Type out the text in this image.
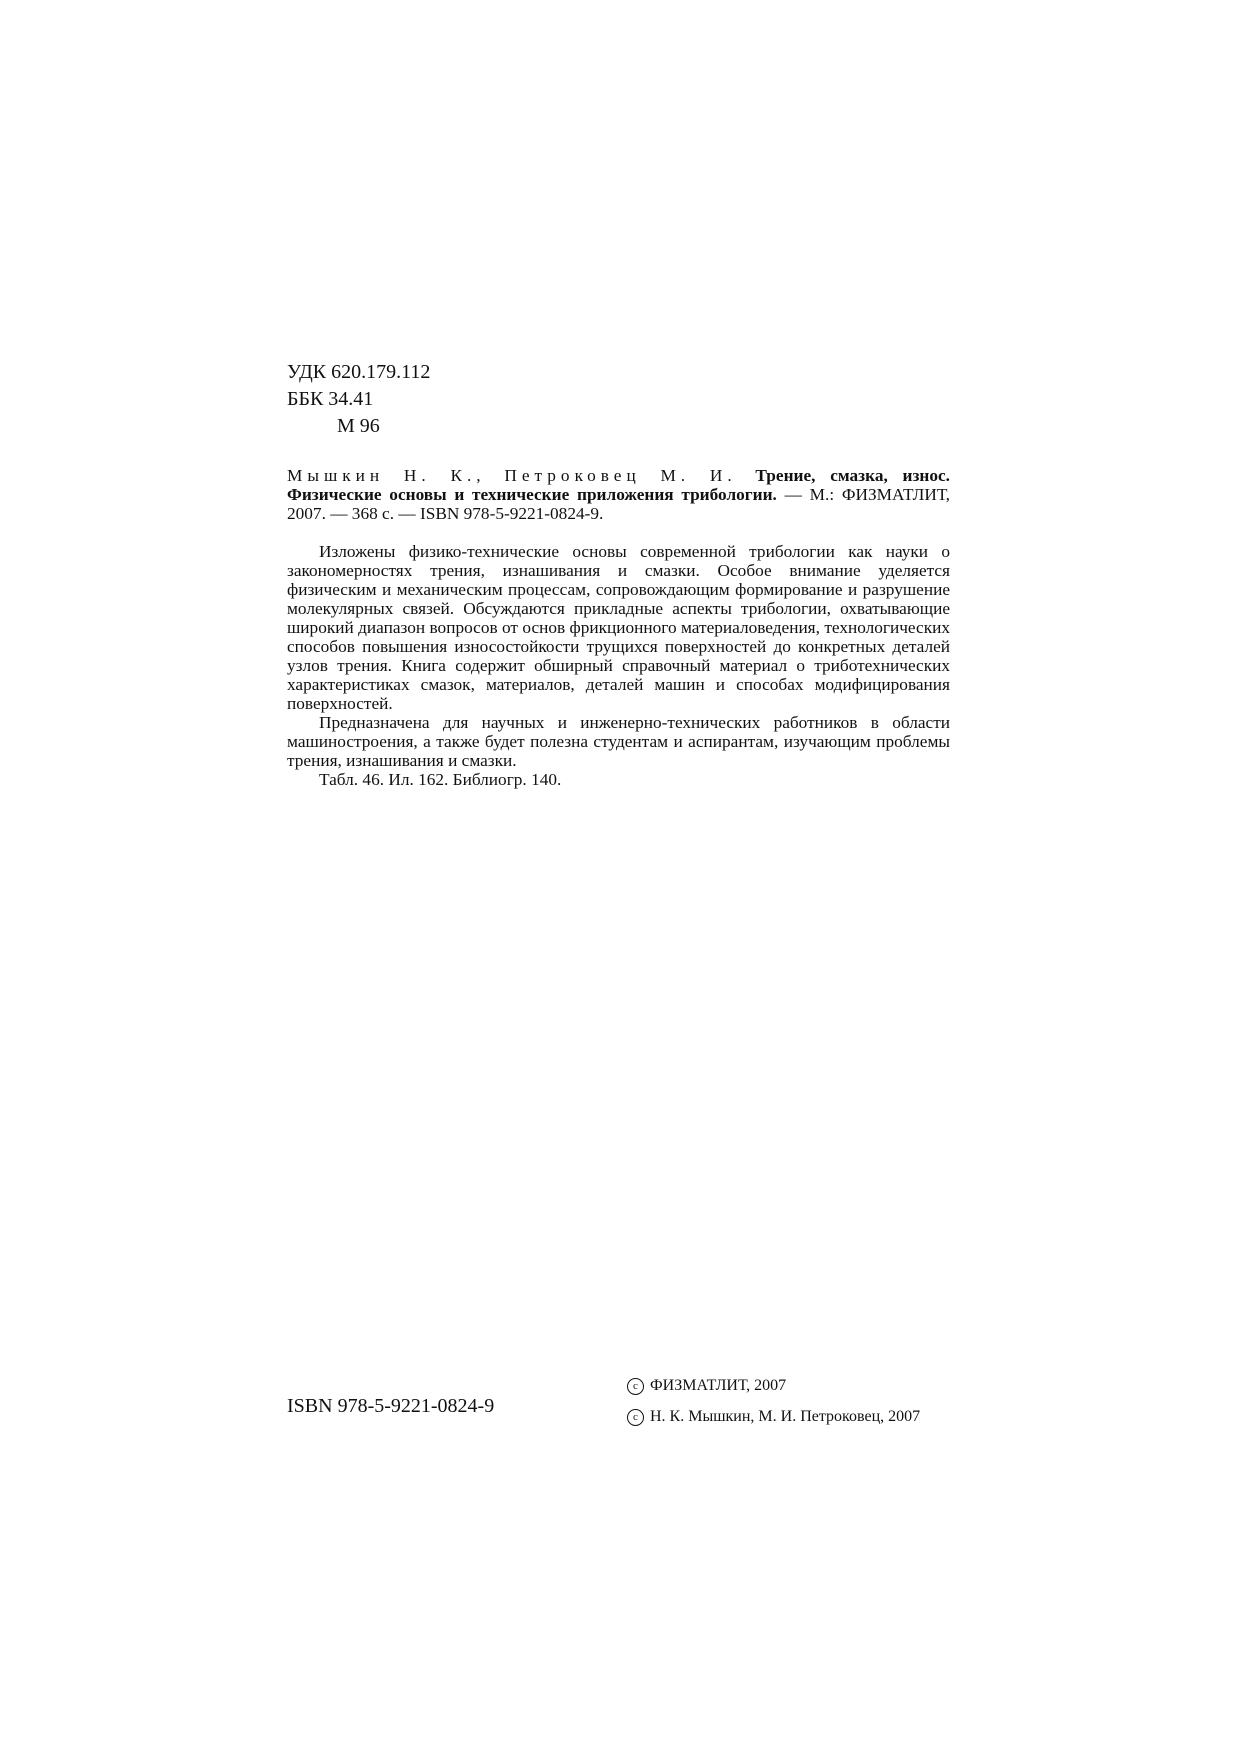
УДК 620.179.112
ББК 34.41
М 96

Мышкин Н. К., Петроковец М. И. Трение, смазка, износ. Физические основы и технические приложения трибологии. — М.: ФИЗМАТЛИТ, 2007. — 368 с. — ISBN 978-5-9221-0824-9.

Изложены физико-технические основы современной трибологии как науки о закономерностях трения, изнашивания и смазки. Особое внимание уделяется физическим и механическим процессам, сопровождающим формирование и разрушение молекулярных связей. Обсуждаются прикладные аспекты трибологии, охватывающие широкий диапазон вопросов от основ фрикционного материаловедения, технологических способов повышения износостойкости трущихся поверхностей до конкретных деталей узлов трения. Книга содержит обширный справочный материал о триботехнических характеристиках смазок, материалов, деталей машин и способах модифицирования поверхностей.

Предназначена для научных и инженерно-технических работников в области машиностроения, а также будет полезна студентам и аспирантам, изучающим проблемы трения, изнашивания и смазки.

Табл. 46. Ил. 162. Библиогр. 140.

ISBN 978-5-9221-0824-9
c ФИЗМАТЛИТ, 2007
c Н. К. Мышкин, М. И. Петроковец, 2007
